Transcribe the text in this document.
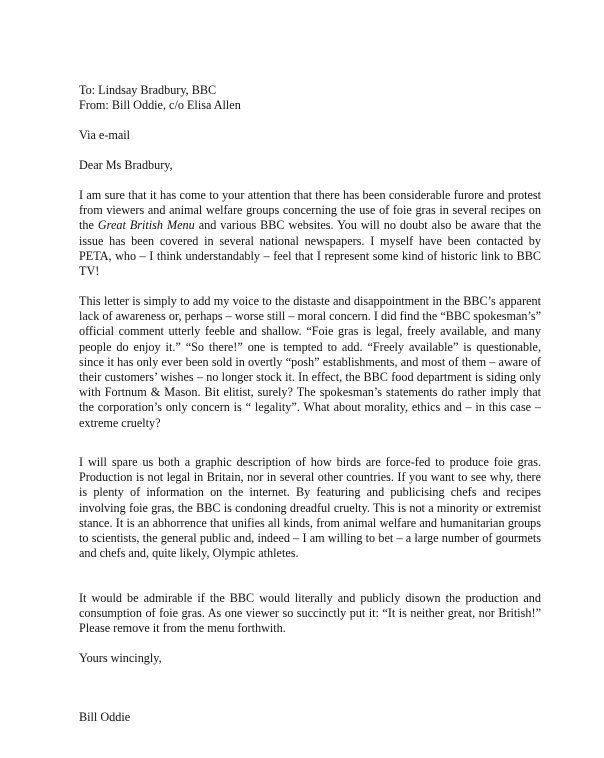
To: Lindsay Bradbury, BBC
From: Bill Oddie, c/o Elisa Allen
Via e-mail
Dear Ms Bradbury,

I am sure that it has come to your attention that there has been considerable furore and protest from viewers and animal welfare groups concerning the use of foie gras in several recipes on the Great British Menu and various BBC websites. You will no doubt also be aware that the issue has been covered in several national newspapers. I myself have been contacted by PETA, who – I think understandably – feel that I represent some kind of historic link to BBC TV!

This letter is simply to add my voice to the distaste and disappointment in the BBC’s apparent lack of awareness or, perhaps – worse still – moral concern. I did find the “BBC spokesman’s” official comment utterly feeble and shallow. “Foie gras is legal, freely available, and many people do enjoy it.” “So there!” one is tempted to add. “Freely available” is questionable, since it has only ever been sold in overtly “posh” establishments, and most of them – aware of their customers’ wishes – no longer stock it. In effect, the BBC food department is siding only with Fortnum & Mason. Bit elitist, surely? The spokesman’s statements do rather imply that the corporation’s only concern is “ legality”. What about morality, ethics and – in this case – extreme cruelty?

I will spare us both a graphic description of how birds are force-fed to produce foie gras. Production is not legal in Britain, nor in several other countries. If you want to see why, there is plenty of information on the internet. By featuring and publicising chefs and recipes involving foie gras, the BBC is condoning dreadful cruelty. This is not a minority or extremist stance. It is an abhorrence that unifies all kinds, from animal welfare and humanitarian groups to scientists, the general public and, indeed – I am willing to bet – a large number of gourmets and chefs and, quite likely, Olympic athletes.

It would be admirable if the BBC would literally and publicly disown the production and consumption of foie gras. As one viewer so succinctly put it: “It is neither great, nor British!” Please remove it from the menu forthwith.

Yours wincingly,
Bill Oddie
